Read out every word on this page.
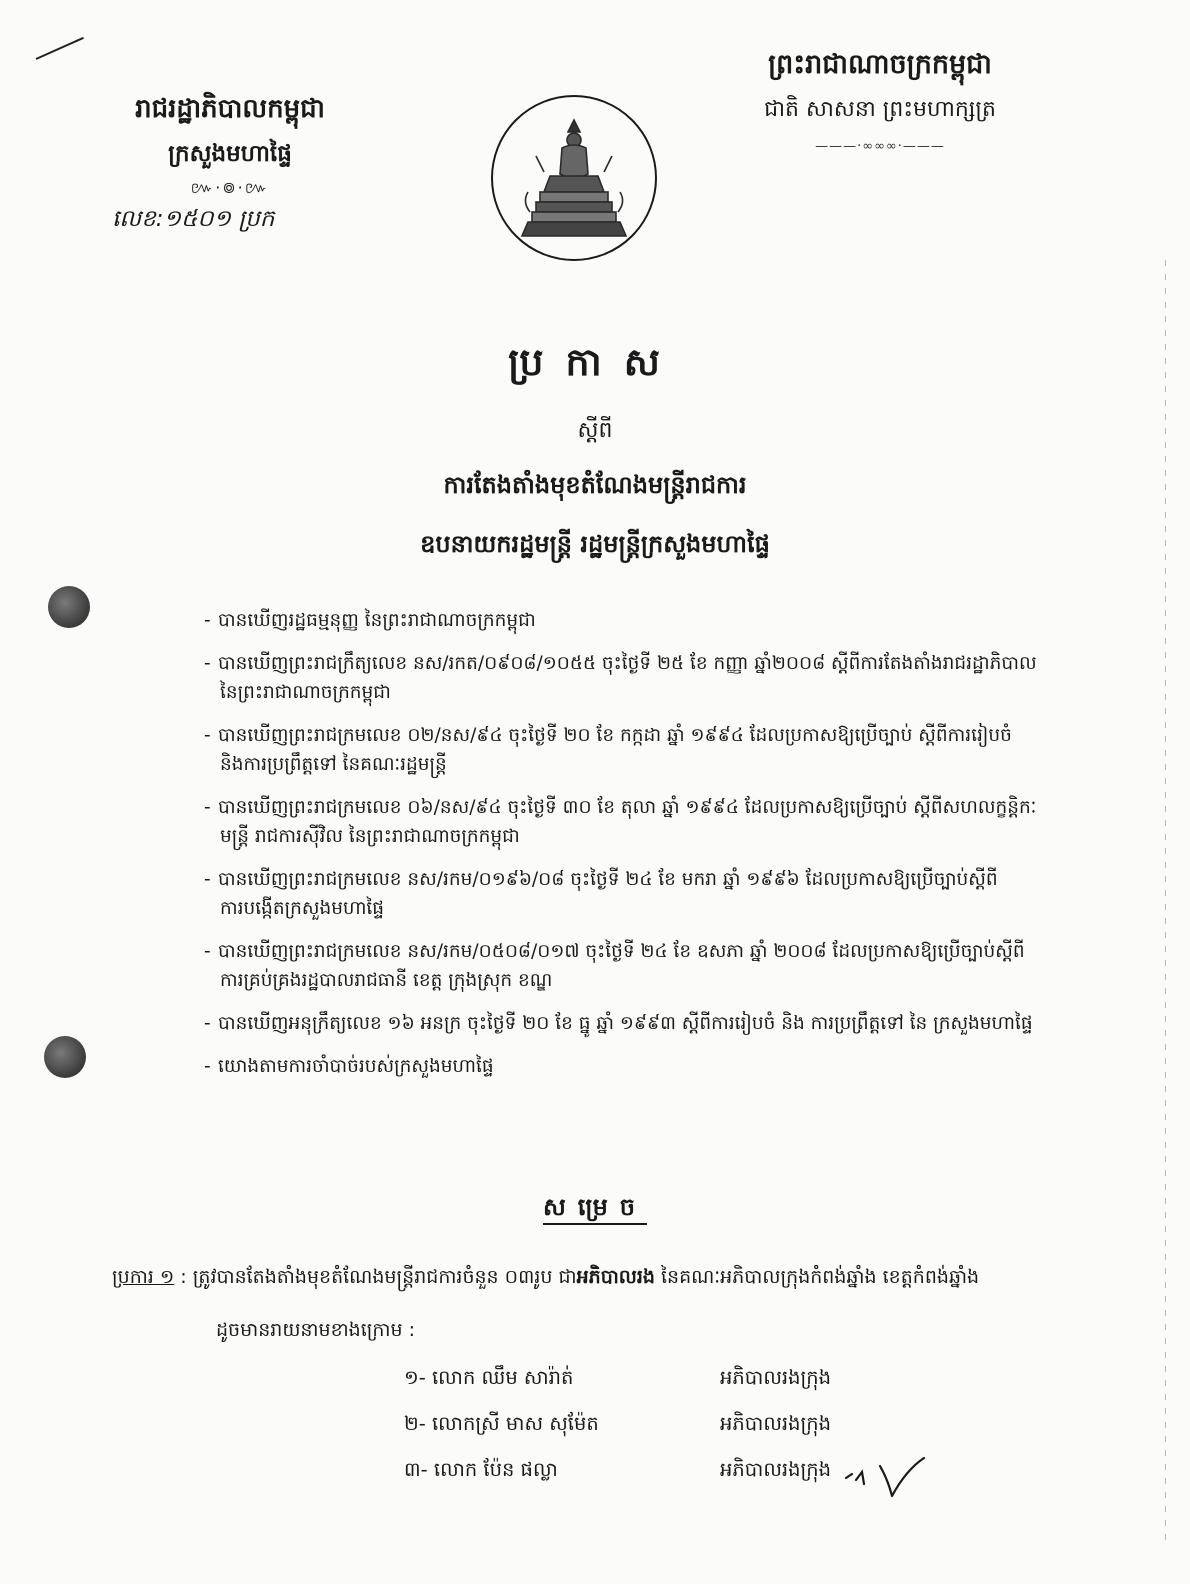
រាជរដ្ឋាភិបាលកម្ពុជា

ក្រសួងមហាផ្ទៃ

៚·៙·៚
លេខ:១៥០១ ប្រក

ព្រះរាជាណាចក្រកម្ពុជា

ជាតិ សាសនា ព្រះមហាក្សត្រ

———·∞∞∞·———

ប្រកាស

ស្តីពី

ការតែងតាំងមុខតំណែងមន្ត្រីរាជការ

ឧបនាយករដ្ឋមន្ត្រី រដ្ឋមន្ត្រីក្រសួងមហាផ្ទៃ

- បានឃើញរដ្ឋធម្មនុញ្ញ នៃព្រះរាជាណាចក្រកម្ពុជា

- បានឃើញព្រះរាជក្រឹត្យលេខ នស/រកត/០៩០៨/១០៥៥ ចុះថ្ងៃទី ២៥ ខែ កញ្ញា ឆ្នាំ២០០៨ ស្តីពីការតែងតាំងរាជរដ្ឋាភិបាល
នៃព្រះរាជាណាចក្រកម្ពុជា

- បានឃើញព្រះរាជក្រមលេខ ០២/នស/៩៤ ចុះថ្ងៃទី ២០ ខែ កក្កដា ឆ្នាំ ១៩៩៤ ដែលប្រកាសឱ្យប្រើច្បាប់ ស្តីពីការរៀបចំ
និងការប្រព្រឹត្តទៅ នៃគណៈរដ្ឋមន្ត្រី

- បានឃើញព្រះរាជក្រមលេខ ០៦/នស/៩៤ ចុះថ្ងៃទី ៣០ ខែ តុលា ឆ្នាំ ១៩៩៤ ដែលប្រកាសឱ្យប្រើច្បាប់ ស្តីពីសហលក្ខន្តិកៈ
មន្ត្រី រាជការស៊ីវិល នៃព្រះរាជាណាចក្រកម្ពុជា

- បានឃើញព្រះរាជក្រមលេខ នស/រកម/០១៩៦/០៨ ចុះថ្ងៃទី ២៤ ខែ មករា ឆ្នាំ ១៩៩៦ ដែលប្រកាសឱ្យប្រើច្បាប់ស្តីពី
ការបង្កើតក្រសួងមហាផ្ទៃ

- បានឃើញព្រះរាជក្រមលេខ នស/រកម/០៥០៨/០១៧ ចុះថ្ងៃទី ២៤ ខែ ឧសភា ឆ្នាំ ២០០៨ ដែលប្រកាសឱ្យប្រើច្បាប់ស្តីពី
ការគ្រប់គ្រងរដ្ឋបាលរាជធានី ខេត្ត ក្រុងស្រុក ខណ្ឌ

- បានឃើញអនុក្រឹត្យលេខ ១៦ អនក្រ ចុះថ្ងៃទី ២០ ខែ ធ្នូ ឆ្នាំ ១៩៩៣ ស្តីពីការរៀបចំ និង ការប្រព្រឹត្តទៅ នៃ ក្រសួងមហាផ្ទៃ

- យោងតាមការចាំបាច់របស់ក្រសួងមហាផ្ទៃ

សម្រេច
ប្រការ ១ : ត្រូវបានតែងតាំងមុខតំណែងមន្ត្រីរាជការចំនួន ០៣រូប ជាអភិបាលរង នៃគណៈអភិបាលក្រុងកំពង់ឆ្នាំង ខេត្តកំពង់ឆ្នាំង
ដូចមានរាយនាមខាងក្រោម :
១- លោក ឈឹម សារ៉ាត់	អភិបាលរងក្រុង
២- លោកស្រី មាស សុម៉ែត	អភិបាលរងក្រុង
៣- លោក ប៉ែន ផល្លា	អភិបាលរងក្រុង
